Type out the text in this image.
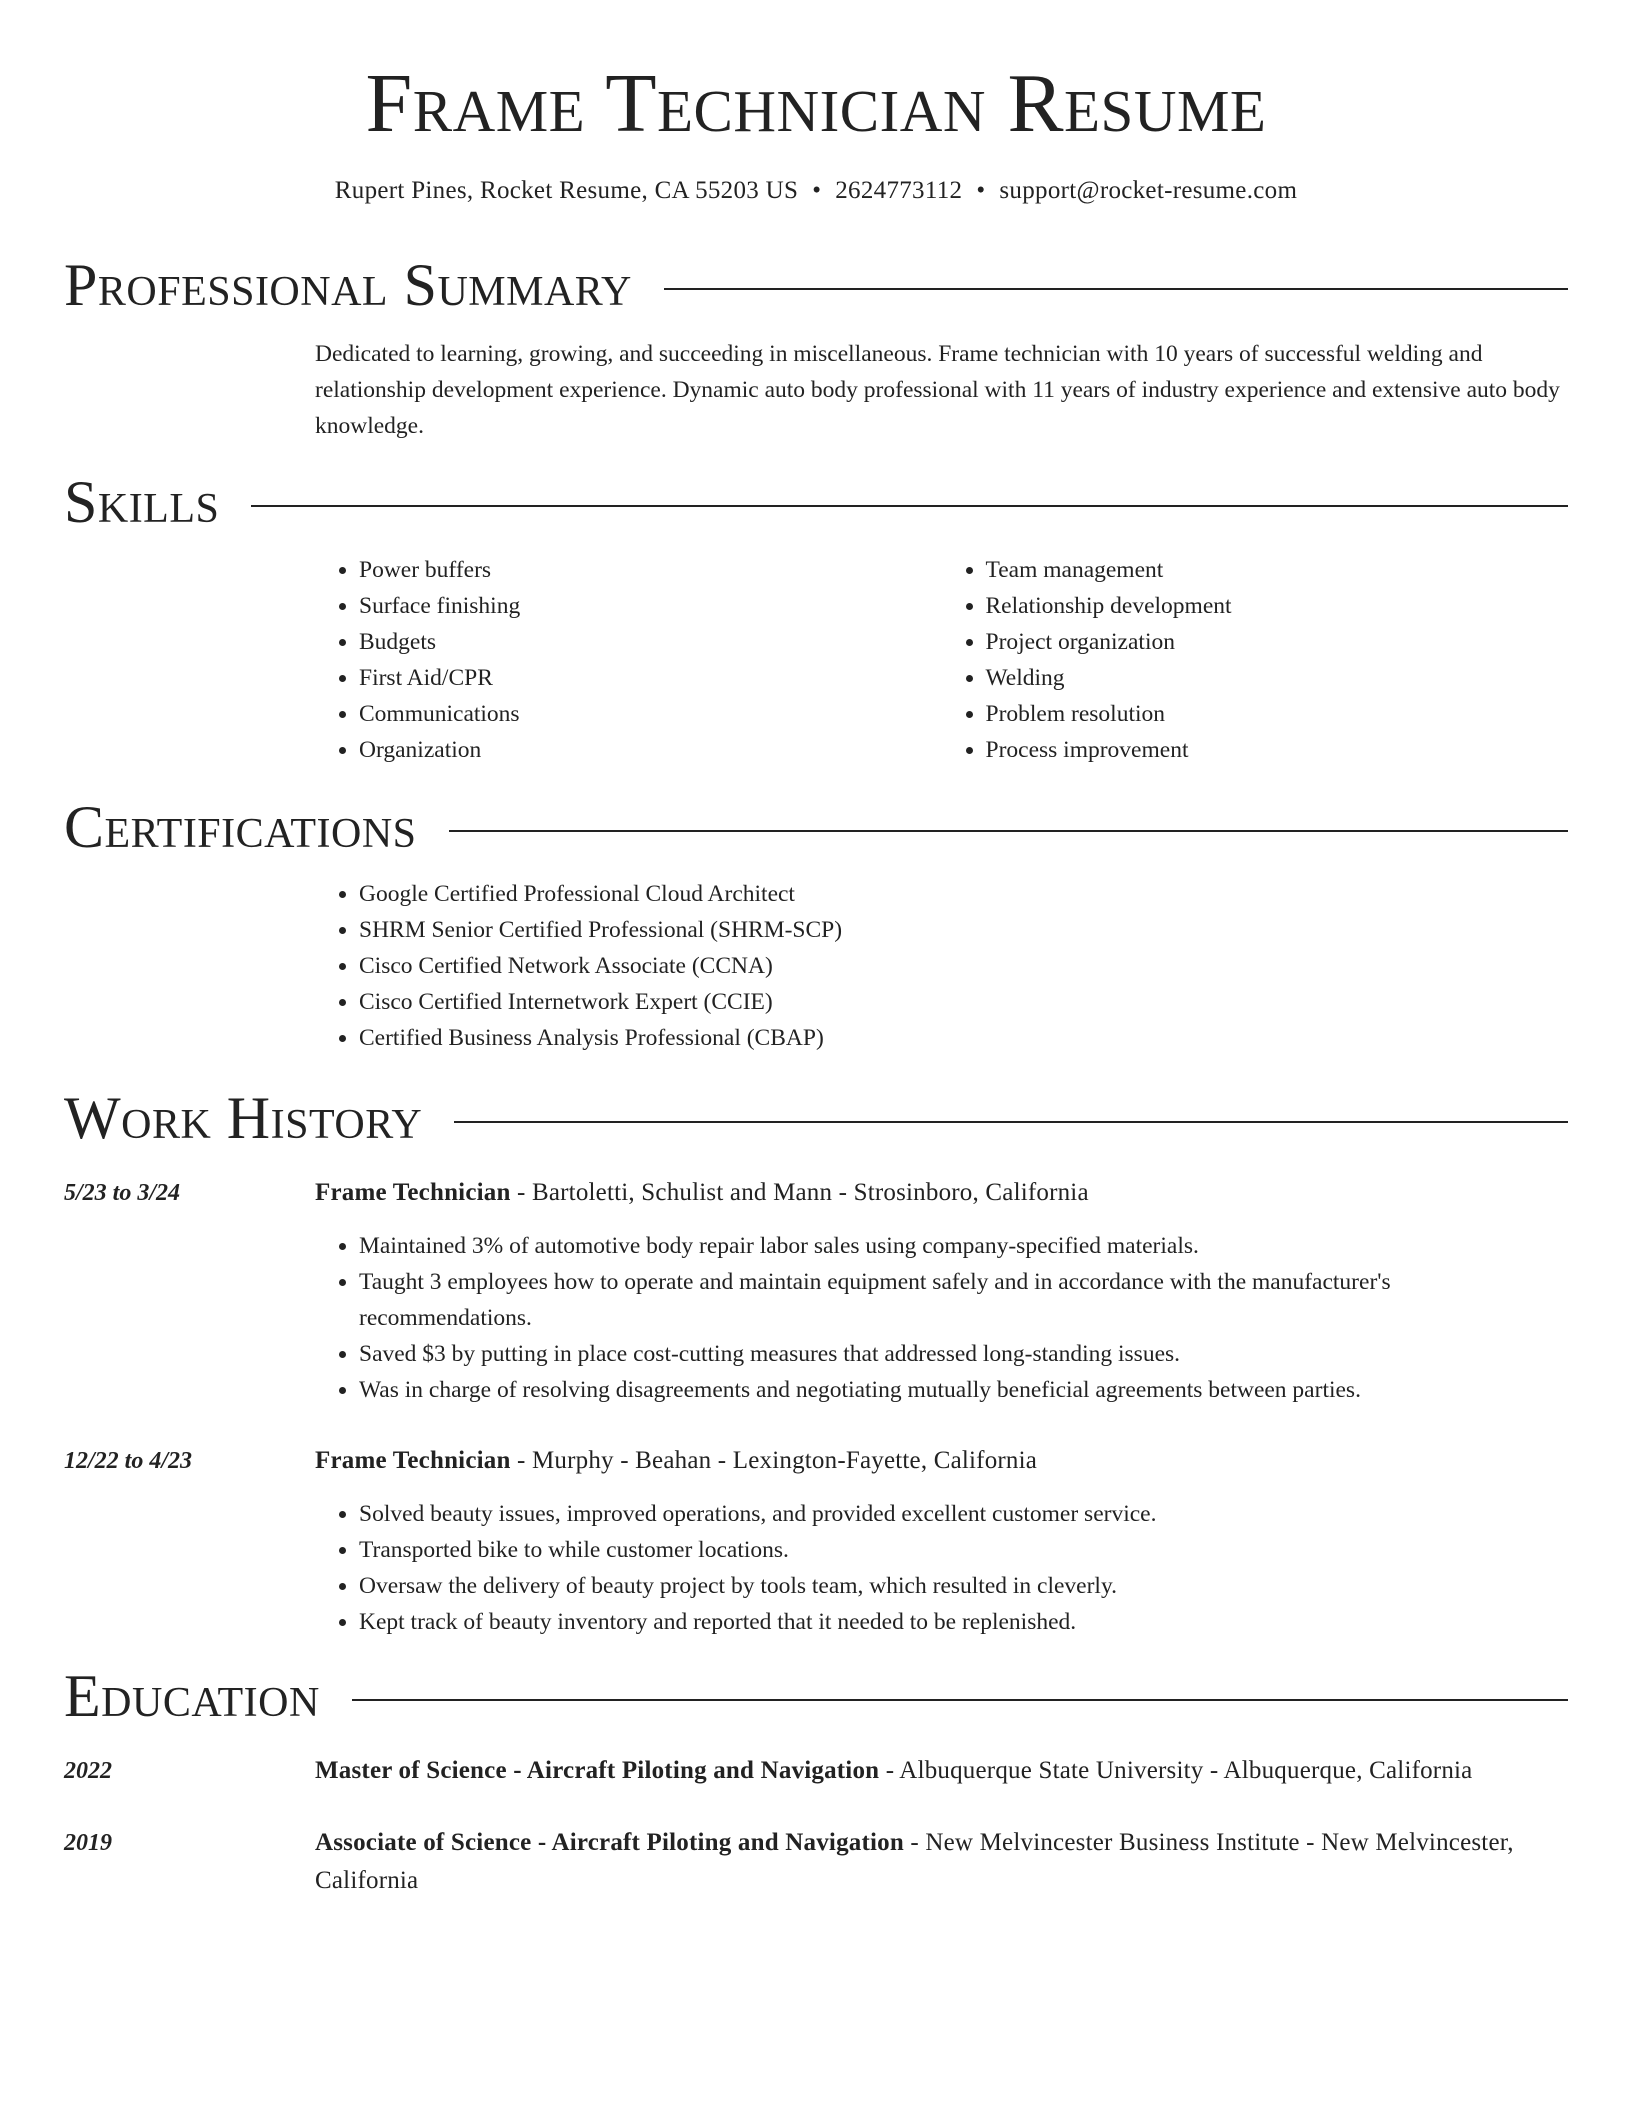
Frame Technician Resume
Rupert Pines, Rocket Resume, CA 55203 US • 2624773112 • support@rocket-resume.com
Professional Summary
Dedicated to learning, growing, and succeeding in miscellaneous. Frame technician with 10 years of successful welding and relationship development experience. Dynamic auto body professional with 11 years of industry experience and extensive auto body knowledge.
Skills
• Power buffers
• Surface finishing
• Budgets
• First Aid/CPR
• Communications
• Organization
• Team management
• Relationship development
• Project organization
• Welding
• Problem resolution
• Process improvement
Certifications
• Google Certified Professional Cloud Architect
• SHRM Senior Certified Professional (SHRM-SCP)
• Cisco Certified Network Associate (CCNA)
• Cisco Certified Internetwork Expert (CCIE)
• Certified Business Analysis Professional (CBAP)
Work History
5/23 to 3/24	Frame Technician - Bartoletti, Schulist and Mann - Strosinboro, California
• Maintained 3% of automotive body repair labor sales using company-specified materials.
• Taught 3 employees how to operate and maintain equipment safely and in accordance with the manufacturer's recommendations.
• Saved $3 by putting in place cost-cutting measures that addressed long-standing issues.
• Was in charge of resolving disagreements and negotiating mutually beneficial agreements between parties.
12/22 to 4/23	Frame Technician - Murphy - Beahan - Lexington-Fayette, California
• Solved beauty issues, improved operations, and provided excellent customer service.
• Transported bike to while customer locations.
• Oversaw the delivery of beauty project by tools team, which resulted in cleverly.
• Kept track of beauty inventory and reported that it needed to be replenished.
Education
2022	Master of Science - Aircraft Piloting and Navigation - Albuquerque State University - Albuquerque, California
2019	Associate of Science - Aircraft Piloting and Navigation - New Melvincester Business Institute - New Melvincester, California
